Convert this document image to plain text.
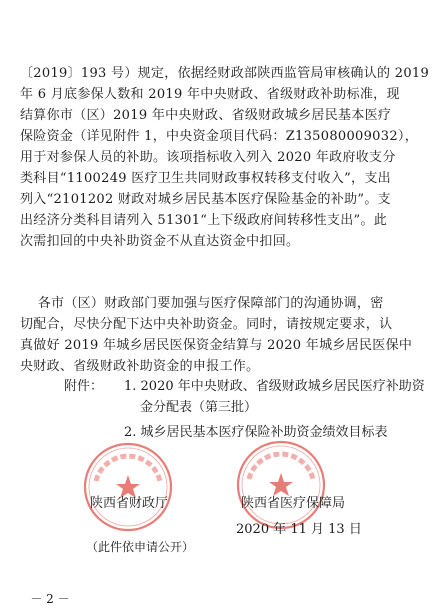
〔2019〕193 号）规定，依据经财政部陕西监管局审核确认的 2019
年 6 月底参保人数和 2019 年中央财政、省级财政补助标准，现
结算你市（区）2019 年中央财政、省级财政城乡居民基本医疗
保险资金（详见附件 1，中央资金项目代码：Z135080009032），
用于对参保人员的补助。该项指标收入列入 2020 年政府收支分
类科目“1100249 医疗卫生共同财政事权转移支付收入”，支出
列入“2101202 财政对城乡居民基本医疗保险基金的补助”。支
出经济分类科目请列入 51301“上下级政府间转移性支出”。此
次需扣回的中央补助资金不从直达资金中扣回。
各市（区）财政部门要加强与医疗保障部门的沟通协调，密
切配合，尽快分配下达中央补助资金。同时，请按规定要求，认
真做好 2019 年城乡居民医保资金结算与 2020 年城乡居民医保中
央财政、省级财政补助资金的申报工作。
附件： 1. 2020 年中央财政、省级财政城乡居民医疗补助资
金分配表（第三批）
2. 城乡居民基本医疗保险补助资金绩效目标表
陕西省财政厅	陕西省医疗保障局
2020 年 11 月 13 日
（此件依申请公开）
－ 2 －
